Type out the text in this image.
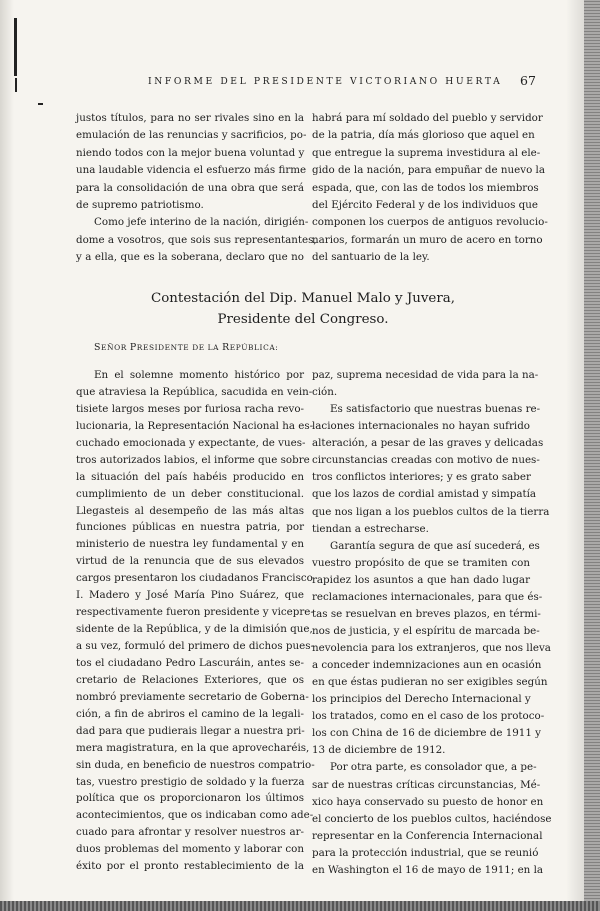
INFORME DEL PRESIDENTE VICTORIANO HUERTA 67
justos títulos, para no ser rivales sino en la
emulación de las renuncias y sacrificios, po-
niendo todos con la mejor buena voluntad y
una laudable videncia el esfuerzo más firme
para la consolidación de una obra que será
de supremo patriotismo.
Como jefe interino de la nación, dirigién-
dome a vosotros, que sois sus representantes,
y a ella, que es la soberana, declaro que no
habrá para mí soldado del pueblo y servidor
de la patria, día más glorioso que aquel en
que entregue la suprema investidura al ele-
gido de la nación, para empuñar de nuevo la
espada, que, con las de todos los miembros
del Ejército Federal y de los individuos que
componen los cuerpos de antiguos revolucio-
narios, formarán un muro de acero en torno
del santuario de la ley.
Contestación del Dip. Manuel Malo y Juvera,
Presidente del Congreso.
SEÑOR PRESIDENTE DE LA REPÚBLICA:
En el solemne momento histórico por
que atraviesa la República, sacudida en vein-
tisiete largos meses por furiosa racha revo-
lucionaria, la Representación Nacional ha es-
cuchado emocionada y expectante, de vues-
tros autorizados labios, el informe que sobre
la situación del país habéis producido en
cumplimiento de un deber constitucional.
Llegasteis al desempeño de las más altas
funciones públicas en nuestra patria, por
ministerio de nuestra ley fundamental y en
virtud de la renuncia que de sus elevados
cargos presentaron los ciudadanos Francisco
I. Madero y José María Pino Suárez, que
respectivamente fueron presidente y vicepre-
sidente de la República, y de la dimisión que,
a su vez, formuló del primero de dichos pues-
tos el ciudadano Pedro Lascuráin, antes se-
cretario de Relaciones Exteriores, que os
nombró previamente secretario de Goberna-
ción, a fin de abriros el camino de la legali-
dad para que pudierais llegar a nuestra pri-
mera magistratura, en la que aprovecharéis,
sin duda, en beneficio de nuestros compatrio-
tas, vuestro prestigio de soldado y la fuerza
política que os proporcionaron los últimos
acontecimientos, que os indicaban como ade-
cuado para afrontar y resolver nuestros ar-
duos problemas del momento y laborar con
éxito por el pronto restablecimiento de la
paz, suprema necesidad de vida para la na-
ción.
Es satisfactorio que nuestras buenas re-
laciones internacionales no hayan sufrido
alteración, a pesar de las graves y delicadas
circunstancias creadas con motivo de nues-
tros conflictos interiores; y es grato saber
que los lazos de cordial amistad y simpatía
que nos ligan a los pueblos cultos de la tierra
tiendan a estrecharse.
Garantía segura de que así sucederá, es
vuestro propósito de que se tramiten con
rapidez los asuntos a que han dado lugar
reclamaciones internacionales, para que és-
tas se resuelvan en breves plazos, en térmi-
nos de justicia, y el espíritu de marcada be-
nevolencia para los extranjeros, que nos lleva
a conceder indemnizaciones aun en ocasión
en que éstas pudieran no ser exigibles según
los principios del Derecho Internacional y
los tratados, como en el caso de los protoco-
los con China de 16 de diciembre de 1911 y
13 de diciembre de 1912.
Por otra parte, es consolador que, a pe-
sar de nuestras críticas circunstancias, Mé-
xico haya conservado su puesto de honor en
el concierto de los pueblos cultos, haciéndose
representar en la Conferencia Internacional
para la protección industrial, que se reunió
en Washington el 16 de mayo de 1911; en la
